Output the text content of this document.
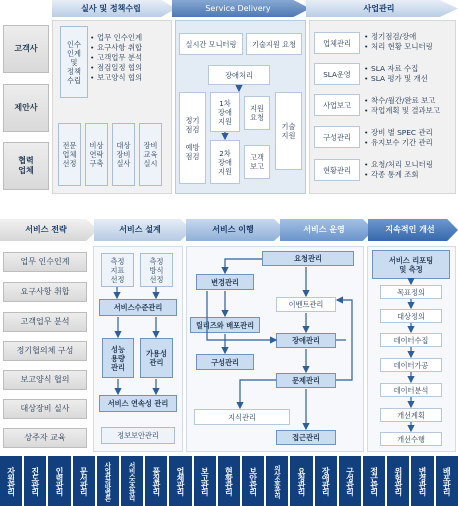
실사 및 정책수립	Service Delivery	사업관리
고객사
제안사
협력
업체
인수
인계
및
정책
수립
• 업무 인수인계
• 요구사항 취합
• 고객업무 분석
• 점검일정 협의
• 보고양식 협의
전문
업체
선정
비상
연락
구축
대상
장비
실사
장비
교육
실시
실시간 모니터링	기술지원 요청
장애처리
정기
점검

예방
점검
1차
장애
지원
2차
장애
지원
지원
요청
고객
보고
기술
지원
업체관리
SLA운영
사업보고
구성관리
현황관리
• 정기점검/장애
• 처리 현황 모니터링
• SLA 자료 수집
• SLA 평가 및 개선
• 착수/월간/완료 보고
• 작업계획 및 결과보고
• 장비 별 SPEC 관리
• 유지보수 기간 관리
• 요청/처리 모니터링
• 각종 통계 조회
서비스 전략	서비스 설계	서비스 이행	서비스 운영	지속적인 개선
업무 인수인계
요구사항 취합
고객업무 분석
정기협의체 구성
보고양식 협의
대상장비 실사
상주자 교육
측정
지표
선정
측정
방식
선정
서비스수준관리
성능
용량
관리
가용성
관리
서비스 연속성 관리
정보보안관리
변경관리
릴리즈와 배포관리
구성관리
지식관리
요청관리
이벤트관리
장애관리
문제관리
접근관리
서비스 리포팅
및 측정
목표정의
대상정의
데이터수집
데이터가공
데이터분석
개선계획
개선수행
자원관리 진도관리 인력관리 문서관리 사업관리방법론 서비스수준관리 품질관리 업체관리 보고관리 현황관리 보안관리 의사소통관리 요청관리 장애관리 구성관리 접근관리 위험관리 변경관리 배포관리
